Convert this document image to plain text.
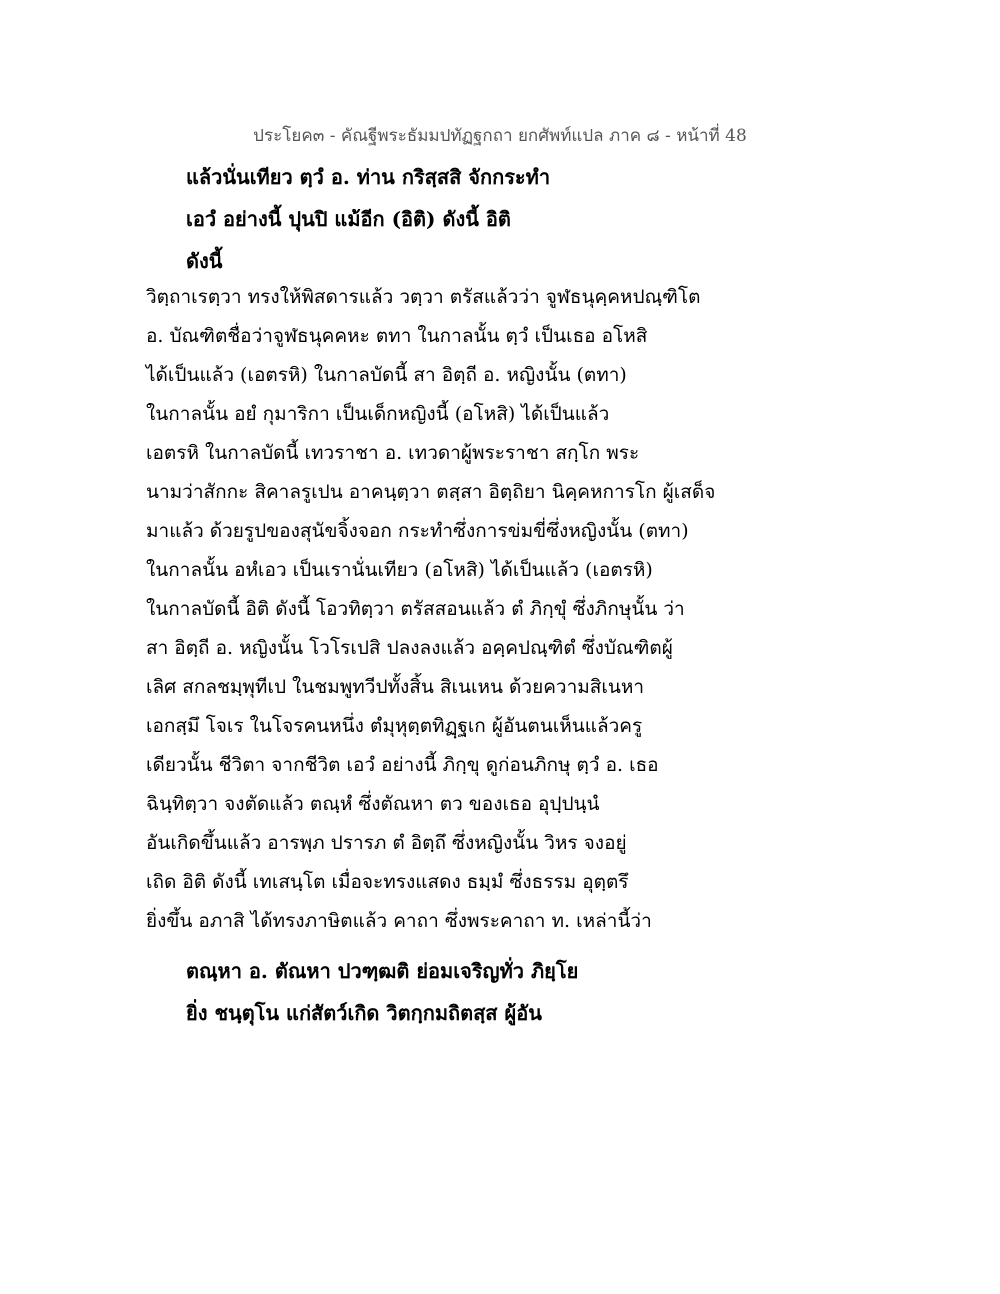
ประโยค๓ - คัณฐีพระธัมมปทัฏฐกถา ยกศัพท์แปล ภาค ๘ - หน้าที่ 48
แล้วนั่นเทียว ตฺวํ อ. ท่าน กริสฺสสิ จักกระทำ
เอวํ อย่างนี้ ปุนปิ แม้อีก (อิติ) ดังนี้ อิติ
ดังนี้
วิตฺถาเรตฺวา ทรงให้พิสดารแล้ว วตฺวา ตรัสแล้วว่า จูฬธนุคฺคหปณฺฑิโต
อ. บัณฑิตชื่อว่าจูฬธนุคคหะ ตทา ในกาลนั้น ตฺวํ เป็นเธอ อโหสิ
ได้เป็นแล้ว (เอตรหิ) ในกาลบัดนี้ สา อิตฺถี อ. หญิงนั้น (ตทา)
ในกาลนั้น อยํ กุมาริกา เป็นเด็กหญิงนี้ (อโหสิ) ได้เป็นแล้ว
เอตรหิ ในกาลบัดนี้ เทวราชา อ. เทวดาผู้พระราชา สกฺโก พระ
นามว่าสักกะ สิคาลรูเปน อาคนฺตฺวา ตสฺสา อิตฺถิยา นิคฺคหการโก ผู้เสด็จ
มาแล้ว ด้วยรูปของสุนัขจิ้งจอก กระทำซึ่งการข่มขี่ซึ่งหญิงนั้น (ตทา)
ในกาลนั้น อหํเอว เป็นเรานั่นเทียว (อโหสิ) ได้เป็นแล้ว (เอตรหิ)
ในกาลบัดนี้ อิติ ดังนี้ โอวทิตฺวา ตรัสสอนแล้ว ตํ ภิกฺขุํ ซึ่งภิกษุนั้น ว่า
สา อิตฺถี อ. หญิงนั้น โวโรเปสิ ปลงลงแล้ว อคฺคปณฺฑิตํ ซึ่งบัณฑิตผู้
เลิศ สกลชมฺพุทีเป ในชมพูทวีปทั้งสิ้น สิเนเหน ด้วยความสิเนหา
เอกสฺมึ โจเร ในโจรคนหนึ่ง ตํมุหุตฺตทิฏฺฐเก ผู้อันตนเห็นแล้วครู
เดียวนั้น ชีวิตา จากชีวิต เอวํ อย่างนี้ ภิกฺขุ ดูก่อนภิกษุ ตฺวํ อ. เธอ
ฉินฺทิตฺวา จงตัดแล้ว ตณฺหํ ซึ่งตัณหา ตว ของเธอ อุปฺปนฺนํ
อันเกิดขึ้นแล้ว อารพฺภ ปรารภ ตํ อิตฺถึ ซึ่งหญิงนั้น วิหร จงอยู่
เถิด อิติ ดังนี้ เทเสนฺโต เมื่อจะทรงแสดง ธมฺมํ ซึ่งธรรม อุตฺตรึ
ยิ่งขึ้น อภาสิ ได้ทรงภาษิตแล้ว คาถา ซึ่งพระคาถา ท. เหล่านี้ว่า
ตณฺหา อ. ตัณหา ปวฑฺฒติ ย่อมเจริญทั่ว ภิยฺโย
ยิ่ง ชนฺตุโน แก่สัตว์เกิด วิตกฺกมถิตสฺส ผู้อัน
